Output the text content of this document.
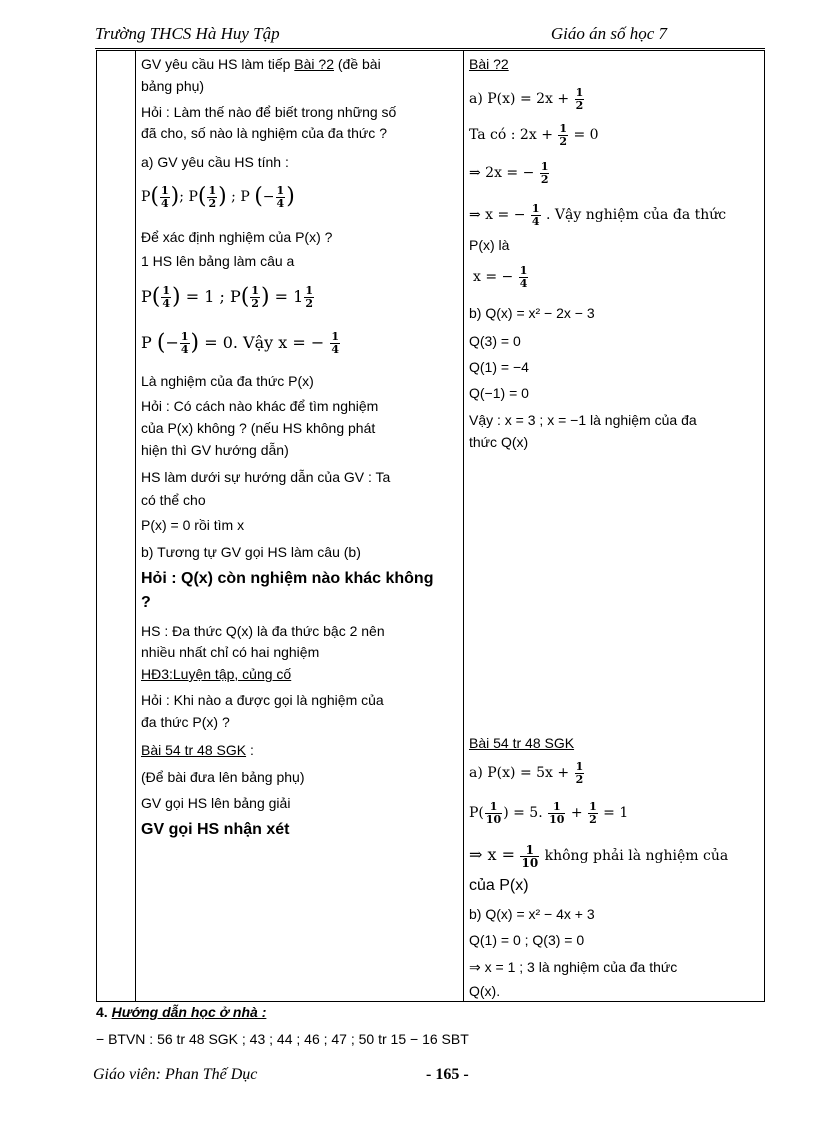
Trường THCS Hà Huy Tập	Giáo án số học 7
GV yêu cầu HS làm tiếp Bài ?2 (đề bài
bảng phụ)
Hỏi : Làm thế nào để biết trong những số
đã cho, số nào là nghiệm của đa thức ?
a) GV yêu cầu HS tính :
$P( \frac{1}{4}$ ); $P( \frac{1}{2}$ ) ; P (− $\frac{1}{4}$ )
Để xác định nghiệm của P(x) ?
1 HS lên bảng làm câu a
$P( \frac{1}{4}$ ) = 1 ; $P( \frac{1}{2}$ ) = $1 \frac{1}{2}$
P (− $\frac{1}{4}$ ) = 0. Vậy x = − $\frac{1}{4}$
Là nghiệm của đa thức P(x)
Hỏi : Có cách nào khác để tìm nghiệm
của P(x) không ? (nếu HS không phát
hiện thì GV hướng dẫn)
HS làm dưới sự hướng dẫn của GV : Ta
có thể cho
P(x) = 0 rồi tìm x
b) Tương tự GV gọi HS làm câu (b)
Hỏi : Q(x) còn nghiệm nào khác không
?
HS : Đa thức Q(x) là đa thức bậc 2 nên
nhiều nhất chỉ có hai nghiệm
HĐ3:Luyện tập, củng cố
Hỏi : Khi nào a được gọi là nghiệm của
đa thức P(x) ?
Bài 54 tr 48 SGK :
(Để bài đưa lên bảng phụ)
GV gọi HS lên bảng giải
GV gọi HS nhận xét
Bài ?2
a) $P(x) = 2x + \frac{1}{2}$
Ta có : $2x + \frac{1}{2} = 0$
⇒ 2x = − $\frac{1}{2}$
⇒ x = − $\frac{1}{4}$ . Vậy nghiệm của đa thức
P(x) là
x = − $\frac{1}{4}$
b) Q(x) = x² − 2x − 3
Q(3) = 0
Q(1) = −4
Q(−1) = 0
Vậy : x = 3 ; x = −1 là nghiệm của đa
thức Q(x)
Bài 54 tr 48 SGK
a) $P(x) = 5x + \frac{1}{2}$
$P( \frac{1}{10}$ ) = 5. $\frac{1}{10} + \frac{1}{2} = 1$
⇒ $x = \frac{1}{10}$ không phải là nghiệm của
của P(x)
b) Q(x) = x² − 4x + 3
Q(1) = 0 ; Q(3) = 0
⇒ x = 1 ; 3 là nghiệm của đa thức
Q(x).
4. Hướng dẫn học ở nhà :
− BTVN : 56 tr 48 SGK ; 43 ; 44 ; 46 ; 47 ; 50 tr 15 − 16 SBT
Giáo viên: Phan Thế Dục	- 165 -
